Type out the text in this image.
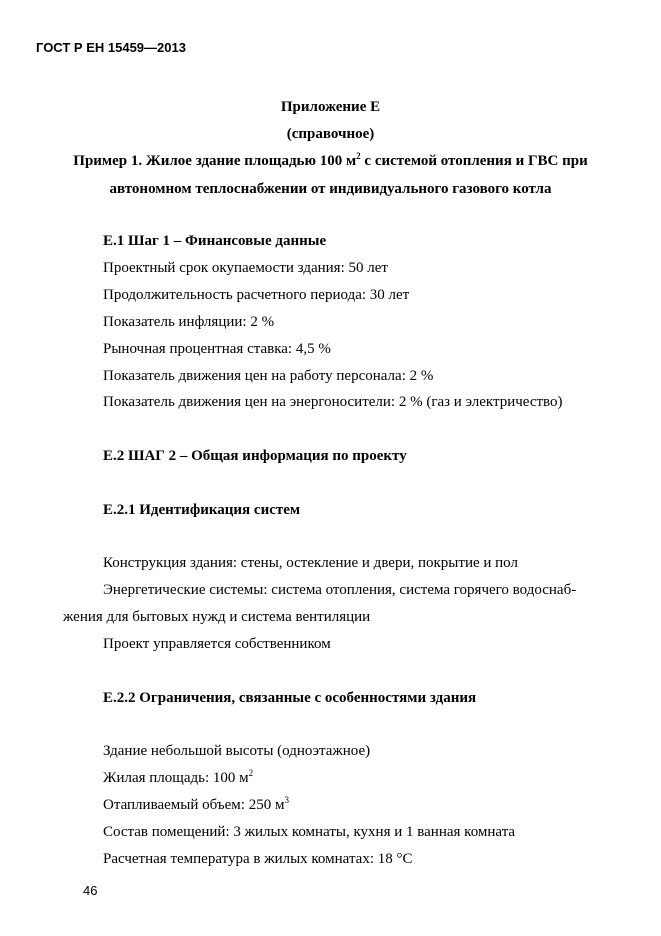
ГОСТ Р ЕН 15459—2013
Приложение Е
(справочное)
Пример 1. Жилое здание площадью 100 $м^2$ с системой отопления и ГВС при
автономном теплоснабжении от индивидуального газового котла
Е.1 Шаг 1 – Финансовые данные
Проектный срок окупаемости здания: 50 лет
Продолжительность расчетного периода: 30 лет
Показатель инфляции: 2 %
Рыночная процентная ставка: 4,5 %
Показатель движения цен на работу персонала: 2 %
Показатель движения цен на энергоносители: 2 % (газ и электричество)
Е.2 ШАГ 2 – Общая информация по проекту
Е.2.1 Идентификация систем
Конструкция здания: стены, остекление и двери, покрытие и пол
Энергетические системы: система отопления, система горячего водоснаб-
жения для бытовых нужд и система вентиляции
Проект управляется собственником
Е.2.2 Ограничения, связанные с особенностями здания
Здание небольшой высоты (одноэтажное)
Жилая площадь: 100 $м^2$
Отапливаемый объем: 250 $м^3$
Состав помещений: 3 жилых комнаты, кухня и 1 ванная комната
Расчетная температура в жилых комнатах: 18 °С
46
